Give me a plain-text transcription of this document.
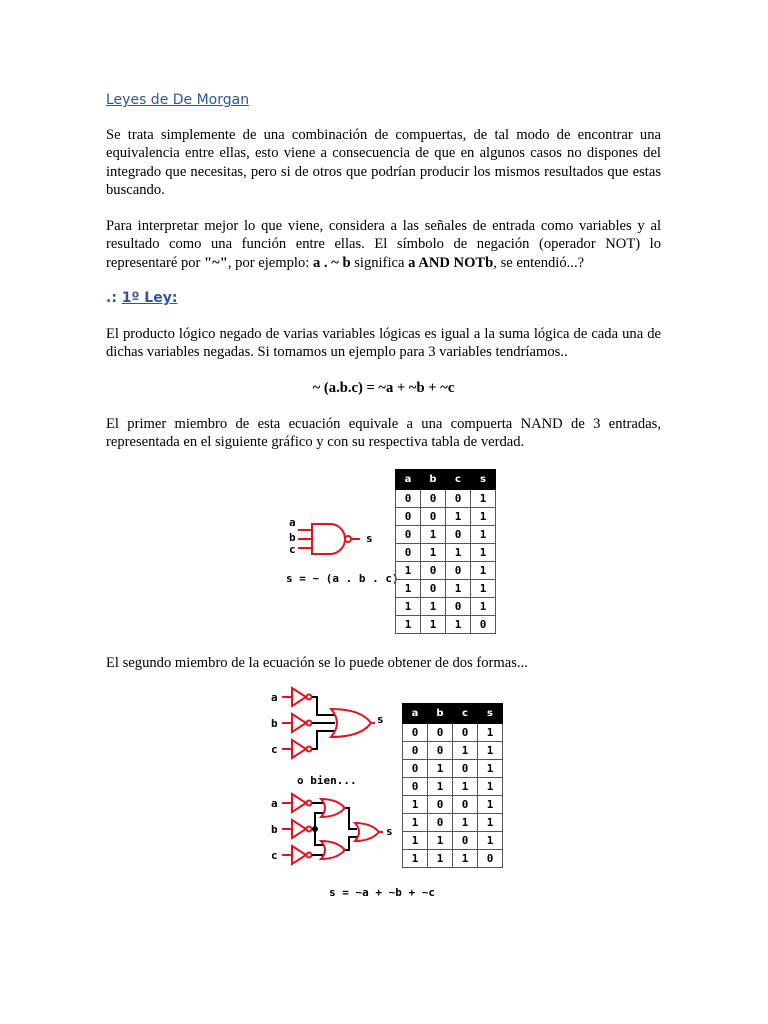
Leyes de De Morgan
Se trata simplemente de una combinación de compuertas, de tal modo de encontrar una equivalencia entre ellas, esto viene a consecuencia de que en algunos casos no dispones del integrado que necesitas, pero si de otros que podrían producir los mismos resultados que estas buscando.
Para interpretar mejor lo que viene, considera a las señales de entrada como variables y al resultado como una función entre ellas. El símbolo de negación (operador NOT) lo representaré por "~", por ejemplo: a . ~ b significa a AND NOTb, se entendió...?
.: 1º Ley:
El producto lógico negado de varias variables lógicas es igual a la suma lógica de cada una de dichas variables negadas. Si tomamos un ejemplo para 3 variables tendríamos..
~ (a.b.c) = ~a + ~b + ~c
El primer miembro de esta ecuación equivale a una compuerta NAND de 3 entradas, representada en el siguiente gráfico y con su respectiva tabla de verdad.
a
b
c
s
s = ~ (a . b . c)
a	b	c	s
0	0	0	1
0	0	1	1
0	1	0	1
0	1	1	1
1	0	0	1
1	0	1	1
1	1	0	1
1	1	1	0
El segundo miembro de la ecuación se lo puede obtener de dos formas...
a
b
c
s
a
b
c
s
o bien...
s = ~a + ~b + ~c
a	b	c	s
0	0	0	1
0	0	1	1
0	1	0	1
0	1	1	1
1	0	0	1
1	0	1	1
1	1	0	1
1	1	1	0
